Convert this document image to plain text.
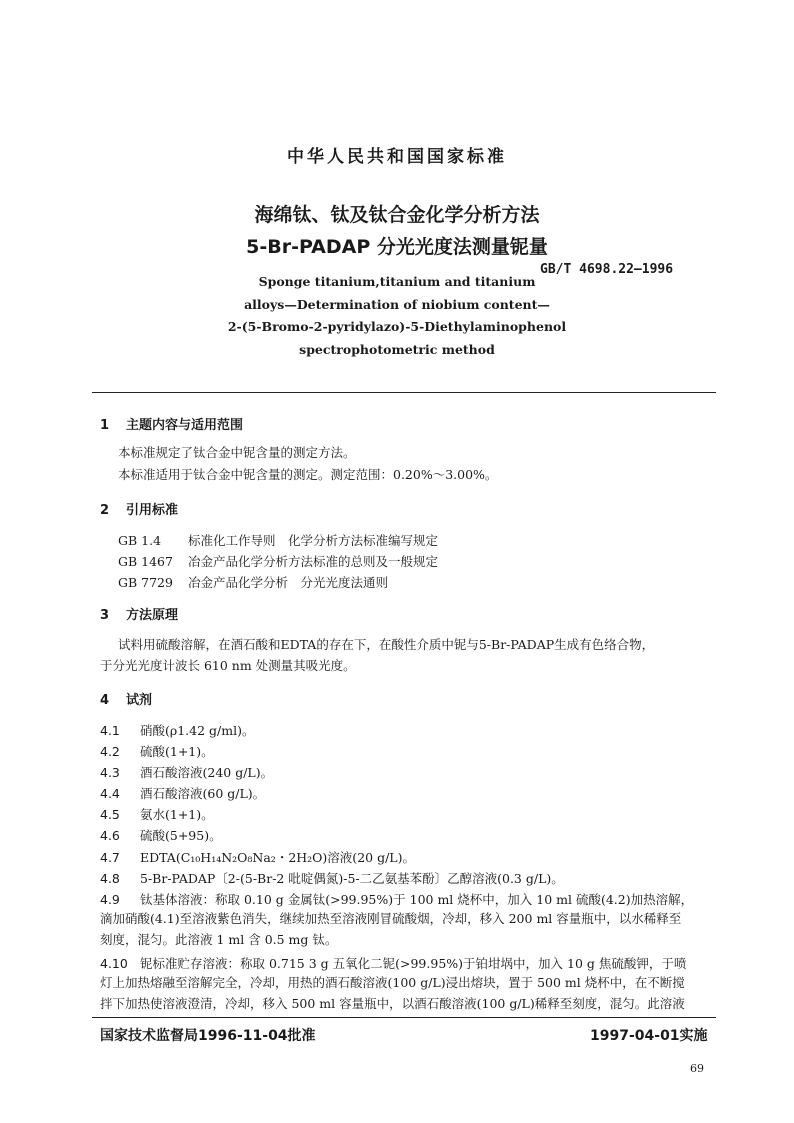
中华人民共和国国家标准
海绵钛、钛及钛合金化学分析方法
5-Br-PADAP 分光光度法测量铌量
GB/T 4698.22—1996
Sponge titanium,titanium and titanium
alloys—Determination of niobium content—
2-(5-Bromo-2-pyridylazo)-5-Diethylaminophenol
spectrophotometric method
1 主题内容与适用范围
本标准规定了钛合金中铌含量的测定方法。
本标准适用于钛合金中铌含量的测定。测定范围：0.20%～3.00%。
2 引用标准
GB 1.4 标准化工作导则　化学分析方法标准编写规定
GB 1467 冶金产品化学分析方法标准的总则及一般规定
GB 7729 冶金产品化学分析　分光光度法通则
3 方法原理
试料用硫酸溶解，在酒石酸和EDTA的存在下，在酸性介质中铌与5-Br-PADAP生成有色络合物，
于分光光度计波长 610 nm 处测量其吸光度。
4 试剂
4.1 硝酸(ρ1.42 g/ml)。
4.2 硫酸(1+1)。
4.3 酒石酸溶液(240 g/L)。
4.4 酒石酸溶液(60 g/L)。
4.5 氨水(1+1)。
4.6 硫酸(5+95)。
4.7 EDTA(C₁₀H₁₄N₂O₈Na₂・2H₂O)溶液(20 g/L)。
4.8 5-Br-PADAP〔2-(5-Br-2 吡啶偶氮)-5-二乙氨基苯酚〕乙醇溶液(0.3 g/L)。
4.9 钛基体溶液：称取 0.10 g 金属钛(>99.95%)于 100 ml 烧杯中，加入 10 ml 硫酸(4.2)加热溶解，
滴加硝酸(4.1)至溶液紫色消失，继续加热至溶液刚冒硫酸烟，冷却，移入 200 ml 容量瓶中，以水稀释至
刻度，混匀。此溶液 1 ml 含 0.5 mg 钛。
4.10 铌标准贮存溶液：称取 0.715 3 g 五氧化二铌(>99.95%)于铂坩埚中，加入 10 g 焦硫酸钾，于喷
灯上加热熔融至溶解完全，冷却，用热的酒石酸溶液(100 g/L)浸出熔块，置于 500 ml 烧杯中，在不断搅
拌下加热使溶液澄清，冷却，移入 500 ml 容量瓶中，以酒石酸溶液(100 g/L)稀释至刻度，混匀。此溶液
国家技术监督局1996-11-04批准	1997-04-01实施
69
